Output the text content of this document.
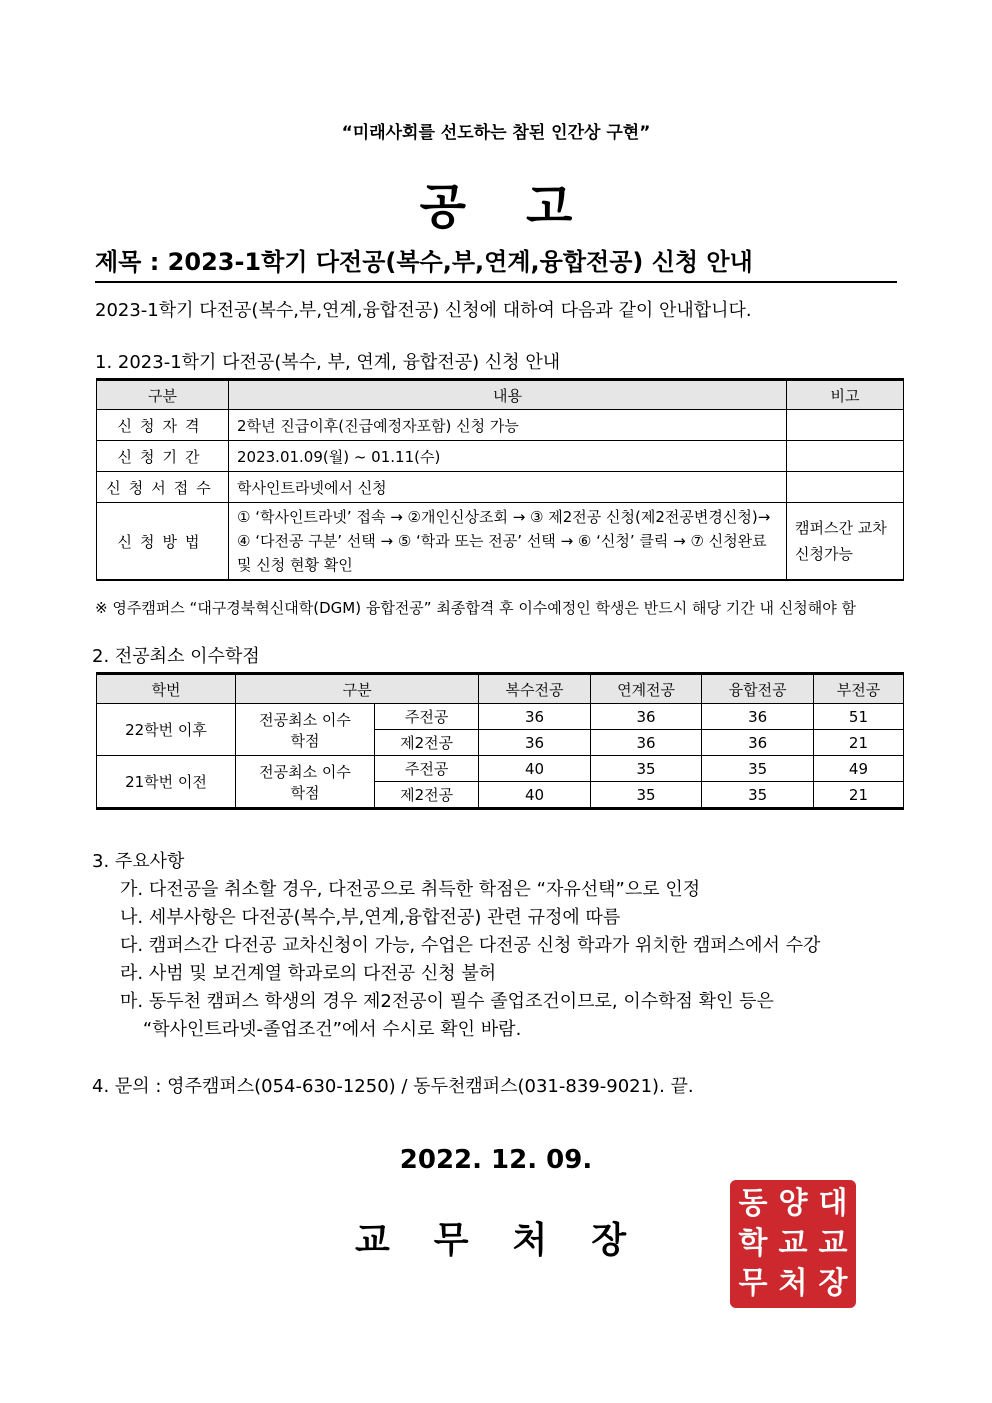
“미래사회를 선도하는 참된 인간상 구현”
공고
제목 : 2023-1학기 다전공(복수,부,연계,융합전공) 신청 안내
2023-1학기 다전공(복수,부,연계,융합전공) 신청에 대하여 다음과 같이 안내합니다.
1. 2023-1학기 다전공(복수, 부, 연계, 융합전공) 신청 안내
구분	내용	비고
신청자격	2학년 진급이후(진급예정자포함) 신청 가능	
신청기간	2023.01.09(월) ~ 01.11(수)	
신청서접수	학사인트라넷에서 신청	
신청방법	① ‘학사인트라넷’ 접속 → ②개인신상조회 → ③ 제2전공 신청(제2전공변경신청)→ ④ ‘다전공 구분’ 선택 → ⑤ ‘학과 또는 전공’ 선택 → ⑥ ‘신청’ 클릭 → ⑦ 신청완료 및 신청 현황 확인	캠퍼스간 교차신청가능
※ 영주캠퍼스 “대구경북혁신대학(DGM) 융합전공” 최종합격 후 이수예정인 학생은 반드시 해당 기간 내 신청해야 함
2. 전공최소 이수학점
학번	구분		복수전공	연계전공	융합전공	부전공
22학번 이후	전공최소 이수학점	주전공	36	36	36	51
		제2전공	36	36	36	21
21학번 이전	전공최소 이수학점	주전공	40	35	35	49
		제2전공	40	35	35	21
3. 주요사항
가. 다전공을 취소할 경우, 다전공으로 취득한 학점은 “자유선택”으로 인정
나. 세부사항은 다전공(복수,부,연계,융합전공) 관련 규정에 따름
다. 캠퍼스간 다전공 교차신청이 가능, 수업은 다전공 신청 학과가 위치한 캠퍼스에서 수강
라. 사범 및 보건계열 학과로의 다전공 신청 불허
마. 동두천 캠퍼스 학생의 경우 제2전공이 필수 졸업조건이므로, 이수학점 확인 등은
“학사인트라넷-졸업조건”에서 수시로 확인 바람.
4. 문의 : 영주캠퍼스(054-630-1250) / 동두천캠퍼스(031-839-9021). 끝.
2022. 12. 09.
교무처장
동 양 대
학 교 교
무 처 장
